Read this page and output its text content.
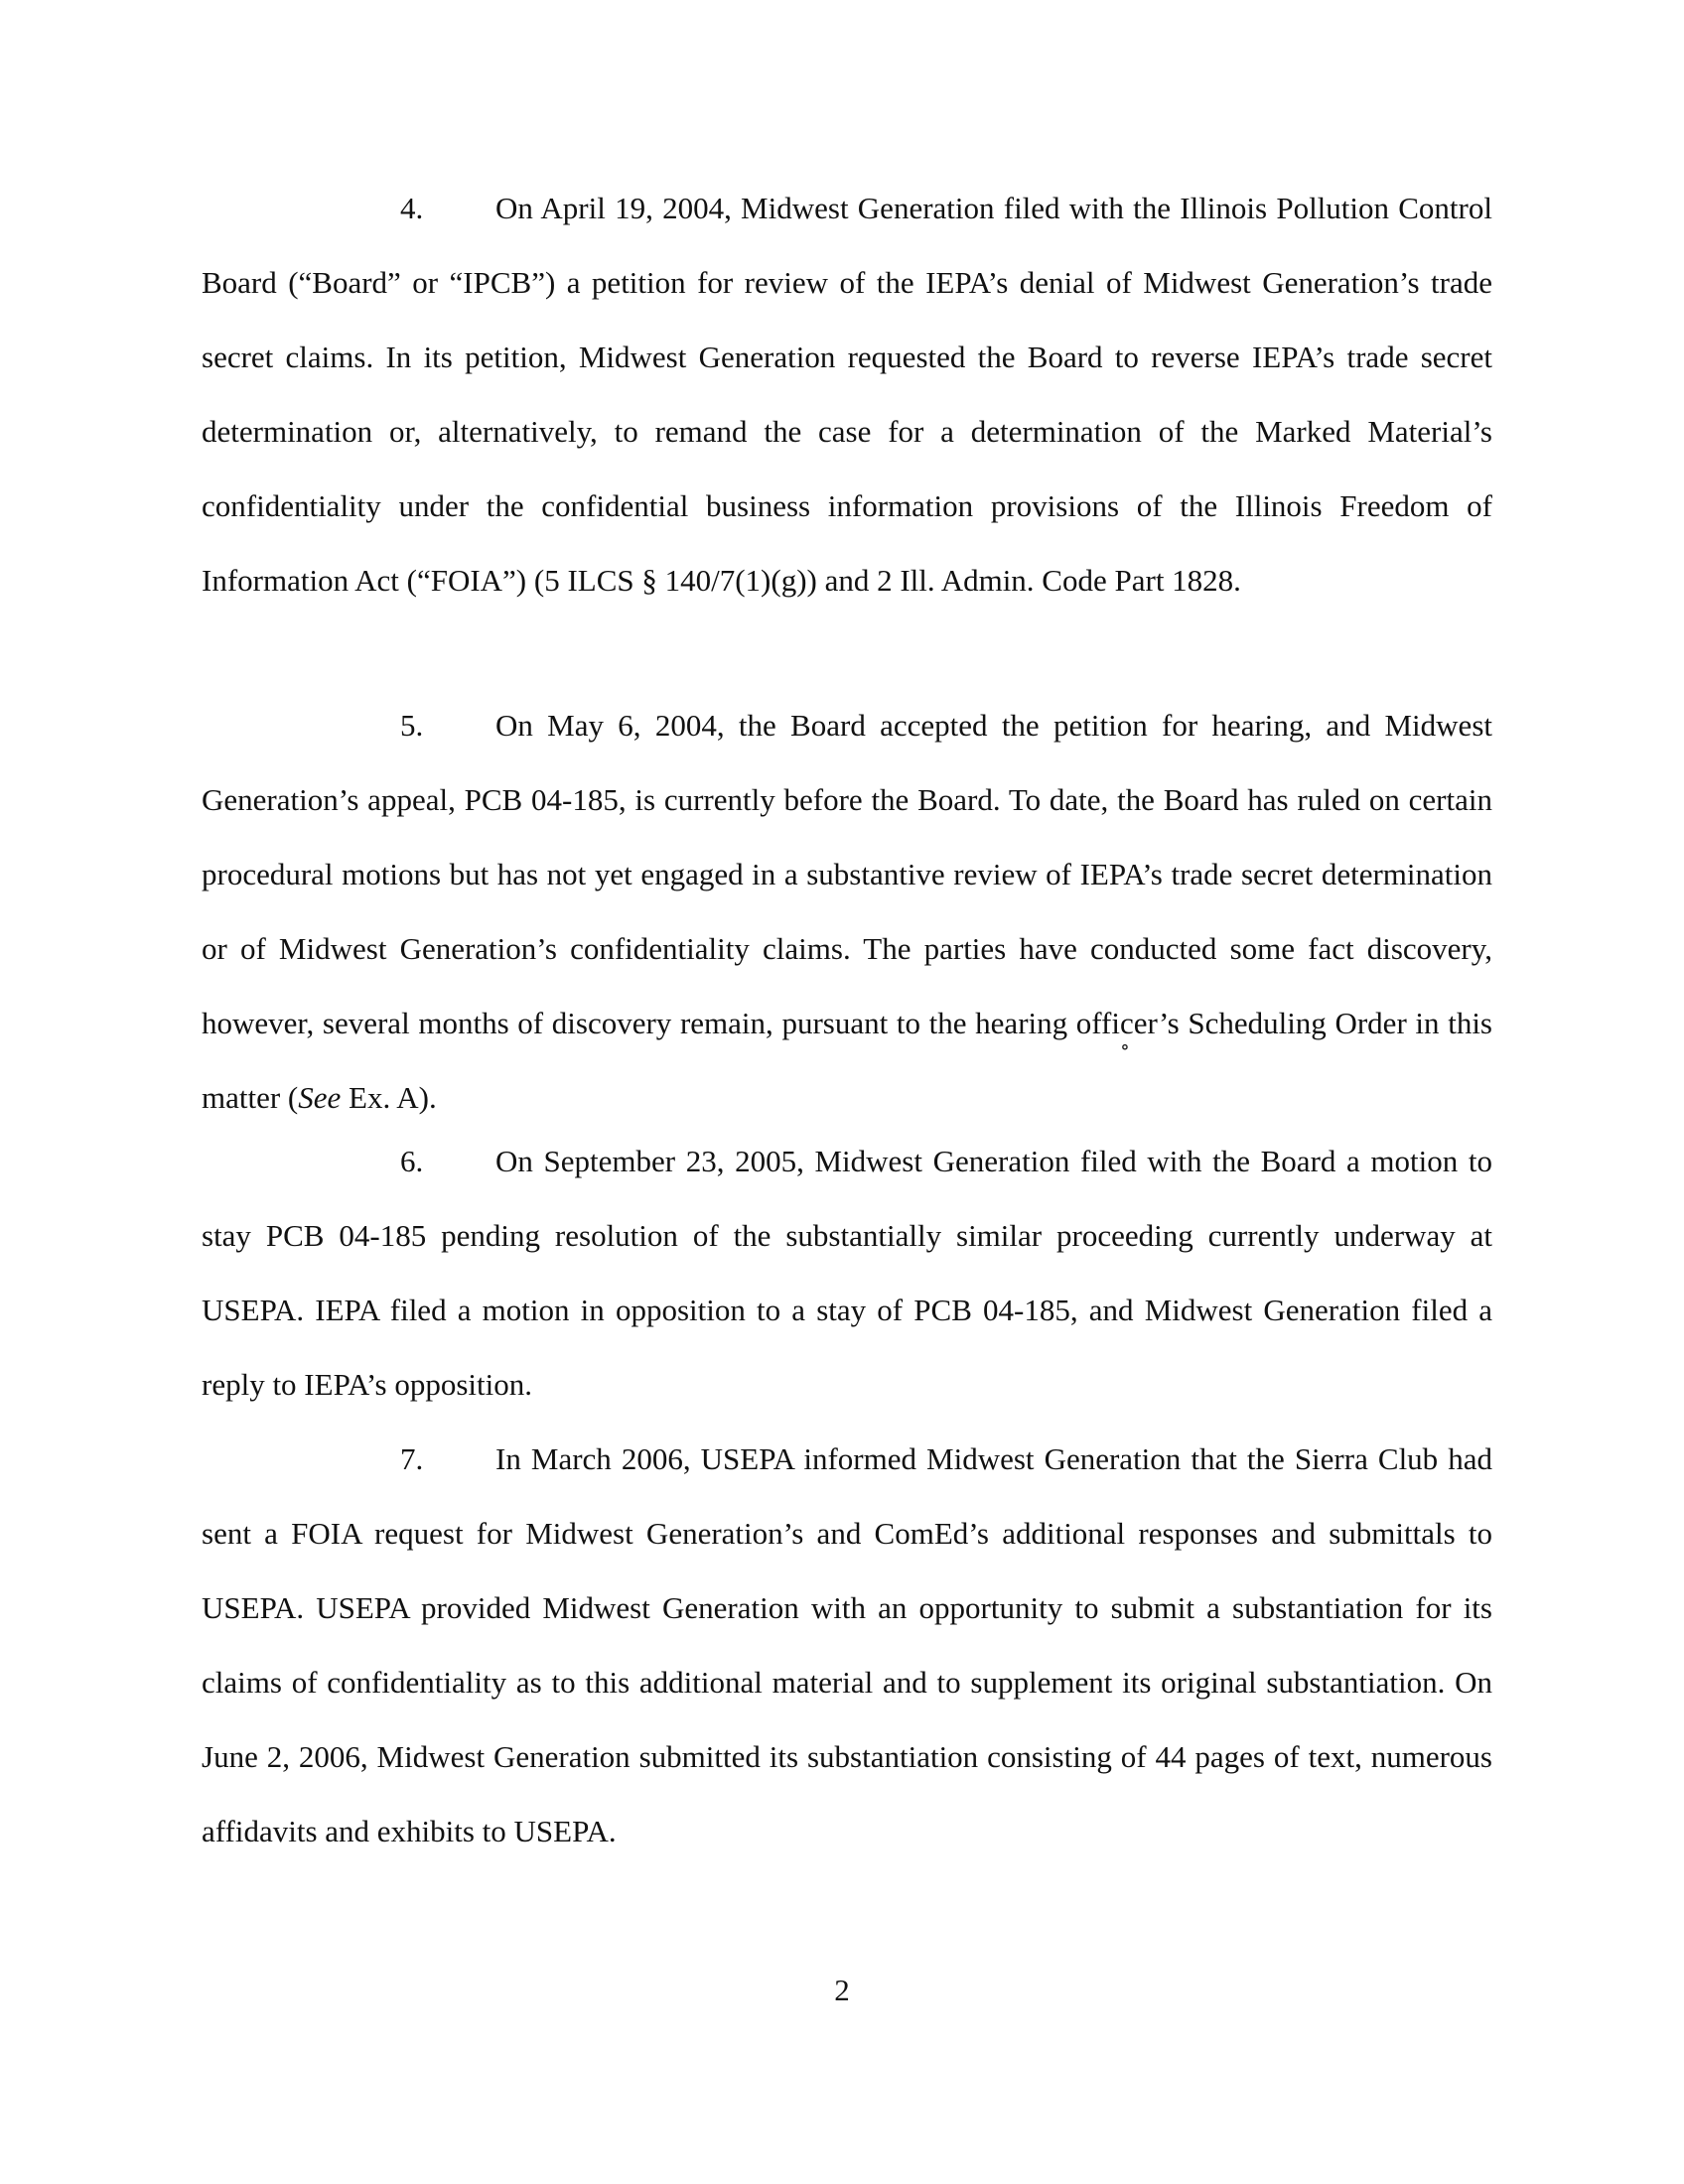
4. On April 19, 2004, Midwest Generation filed with the Illinois Pollution Control Board (“Board” or “IPCB”) a petition for review of the IEPA’s denial of Midwest Generation’s trade secret claims. In its petition, Midwest Generation requested the Board to reverse IEPA’s trade secret determination or, alternatively, to remand the case for a determination of the Marked Material’s confidentiality under the confidential business information provisions of the Illinois Freedom of Information Act (“FOIA”) (5 ILCS § 140/7(1)(g)) and 2 Ill. Admin. Code Part 1828.

5. On May 6, 2004, the Board accepted the petition for hearing, and Midwest Generation’s appeal, PCB 04-185, is currently before the Board. To date, the Board has ruled on certain procedural motions but has not yet engaged in a substantive review of IEPA’s trade secret determination or of Midwest Generation’s confidentiality claims. The parties have conducted some fact discovery, however, several months of discovery remain, pursuant to the hearing officer’s Scheduling Order in this matter (See Ex. A).

∘

6. On September 23, 2005, Midwest Generation filed with the Board a motion to stay PCB 04-185 pending resolution of the substantially similar proceeding currently underway at USEPA. IEPA filed a motion in opposition to a stay of PCB 04-185, and Midwest Generation filed a reply to IEPA’s opposition.

7. In March 2006, USEPA informed Midwest Generation that the Sierra Club had sent a FOIA request for Midwest Generation’s and ComEd’s additional responses and submittals to USEPA. USEPA provided Midwest Generation with an opportunity to submit a substantiation for its claims of confidentiality as to this additional material and to supplement its original substantiation. On June 2, 2006, Midwest Generation submitted its substantiation consisting of 44 pages of text, numerous affidavits and exhibits to USEPA.

2
